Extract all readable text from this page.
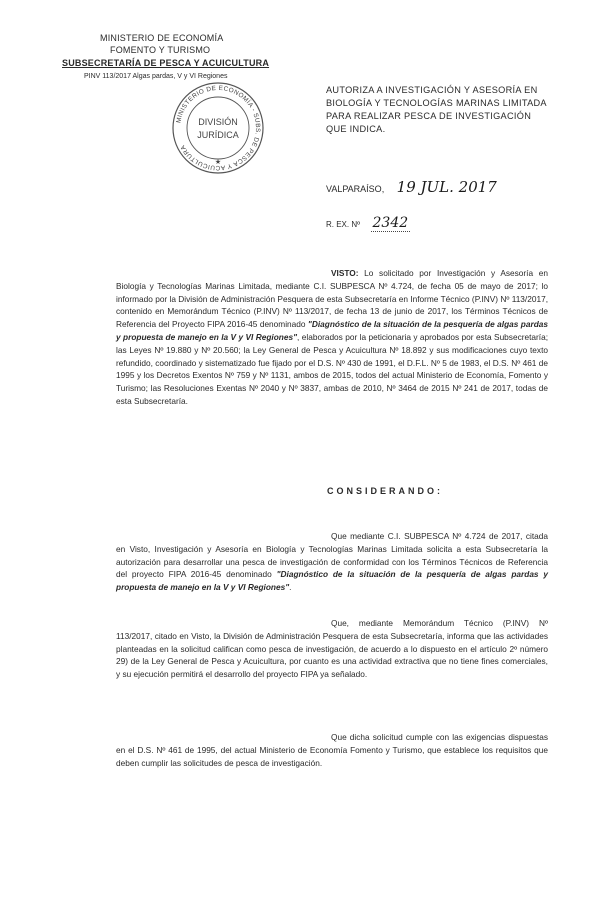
MINISTERIO DE ECONOMÍA
FOMENTO Y TURISMO
SUBSECRETARÍA DE PESCA Y ACUICULTURA
PINV 113/2017 Algas pardas, V y VI Regiones
MINISTERIO DE ECONOMÍA - SUBS. DE PESCA Y ACUICULTURA
DIVISIÓN
JURÍDICA
★
AUTORIZA A INVESTIGACIÓN Y ASESORÍA EN BIOLOGÍA Y TECNOLOGÍAS MARINAS LIMITADA PARA REALIZAR PESCA DE INVESTIGACIÓN QUE INDICA.
VALPARAÍSO, 19 JUL. 2017
R. EX. Nº 2342
VISTO: Lo solicitado por Investigación y Asesoría en Biología y Tecnologías Marinas Limitada, mediante C.I. SUBPESCA Nº 4.724, de fecha 05 de mayo de 2017; lo informado por la División de Administración Pesquera de esta Subsecretaría en Informe Técnico (P.INV) Nº 113/2017, contenido en Memorándum Técnico (P.INV) Nº 113/2017, de fecha 13 de junio de 2017, los Términos Técnicos de Referencia del Proyecto FIPA 2016-45 denominado "Diagnóstico de la situación de la pesquería de algas pardas y propuesta de manejo en la V y VI Regiones", elaborados por la peticionaria y aprobados por esta Subsecretaría; las Leyes Nº 19.880 y Nº 20.560; la Ley General de Pesca y Acuicultura Nº 18.892 y sus modificaciones cuyo texto refundido, coordinado y sistematizado fue fijado por el D.S. Nº 430 de 1991, el D.F.L. Nº 5 de 1983, el D.S. Nº 461 de 1995 y los Decretos Exentos Nº 759 y Nº 1131, ambos de 2015, todos del actual Ministerio de Economía, Fomento y Turismo; las Resoluciones Exentas Nº 2040 y Nº 3837, ambas de 2010, Nº 3464 de 2015 Nº 241 de 2017, todas de esta Subsecretaría.
CONSIDERANDO:
Que mediante C.I. SUBPESCA Nº 4.724 de 2017, citada en Visto, Investigación y Asesoría en Biología y Tecnologías Marinas Limitada solicita a esta Subsecretaría la autorización para desarrollar una pesca de investigación de conformidad con los Términos Técnicos de Referencia del proyecto FIPA 2016-45 denominado "Diagnóstico de la situación de la pesquería de algas pardas y propuesta de manejo en la V y VI Regiones".
Que, mediante Memorándum Técnico (P.INV) Nº 113/2017, citado en Visto, la División de Administración Pesquera de esta Subsecretaría, informa que las actividades planteadas en la solicitud califican como pesca de investigación, de acuerdo a lo dispuesto en el artículo 2º número 29) de la Ley General de Pesca y Acuicultura, por cuanto es una actividad extractiva que no tiene fines comerciales, y su ejecución permitirá el desarrollo del proyecto FIPA ya señalado.
Que dicha solicitud cumple con las exigencias dispuestas en el D.S. Nº 461 de 1995, del actual Ministerio de Economía Fomento y Turismo, que establece los requisitos que deben cumplir las solicitudes de pesca de investigación.
